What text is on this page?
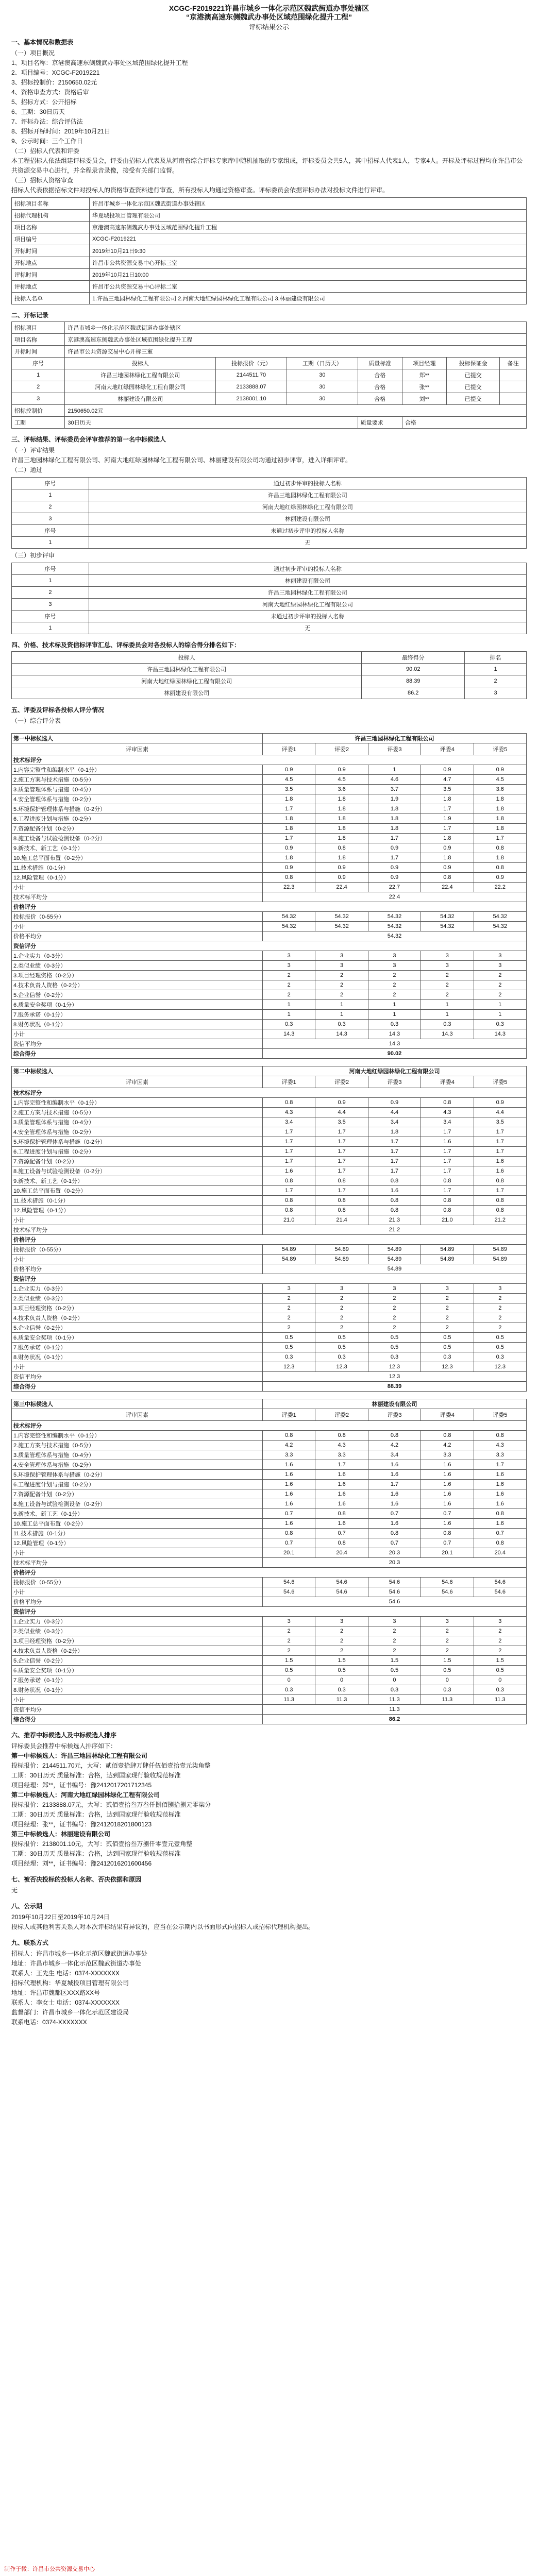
XCGC-F2019221许昌市城乡一体化示范区魏武街道办事处辖区
“京港澳高速东侧魏武办事处区域范围绿化提升工程”
评标结果公示
一、基本情况和数据表
（一）项目概况
1、项目名称：京港澳高速东侧魏武办事处区域范围绿化提升工程
2、项目编号：XCGC-F2019221
3、招标控制价：2150650.02元
4、资格审查方式：资格后审
5、招标方式：公开招标
6、工期：30日历天
7、评标办法：综合评估法
8、招标开标时间：2019年10月21日
9、公示时间：三个工作日
（二）招标人代表和评委

本工程招标人依法组建评标委员会，评委由招标人代表及从河南省综合评标专家库中随机抽取的专家组成，评标委员会共5人，其中招标人代表1人，专家4人。开标及评标过程均在许昌市公共资源交易中心进行，并全程录音录像，接受有关部门监督。

（三）招标人资格审查

招标人代表依据招标文件对投标人的资格审查资料进行审查，所有投标人均通过资格审查。评标委员会依据评标办法对投标文件进行评审。

招标项目名称	许昌市城乡一体化示范区魏武街道办事处辖区
招标代理机构	华夏城投项目管理有限公司
项目名称	京港澳高速东侧魏武办事处区域范围绿化提升工程
项目编号	XCGC-F2019221
开标时间	2019年10月21日9:30
开标地点	许昌市公共资源交易中心开标三室
评标时间	2019年10月21日10:00
评标地点	许昌市公共资源交易中心评标二室
投标人名单	1.许昌三地园林绿化工程有限公司 2.河南大地红绿园林绿化工程有限公司 3.林丽建设有限公司
二、开标记录
招标项目	许昌市城乡一体化示范区魏武街道办事处辖区						
项目名称	京港澳高速东侧魏武办事处区域范围绿化提升工程						
开标时间	许昌市公共资源交易中心开标三室						
序号	投标人	投标报价（元）	工期（日历天）	质量标准	项目经理	投标保证金	备注
1	许昌三地园林绿化工程有限公司	2144511.70	30	合格	郑**	已提交	
2	河南大地红绿园林绿化工程有限公司	2133888.07	30	合格	张**	已提交	
3	林丽建设有限公司	2138001.10	30	合格	刘**	已提交	
招标控制价	2150650.02元						
工期	30日历天			质量要求	合格		
三、评标结果、评标委员会评审推荐的第一名中标候选人
（一）评审结果
许昌三地园林绿化工程有限公司、河南大地红绿园林绿化工程有限公司、林丽建设有限公司均通过初步评审，进入详细评审。
（二）通过
序号	通过初步评审的投标人名称
1	许昌三地园林绿化工程有限公司
2	河南大地红绿园林绿化工程有限公司
3	林丽建设有限公司
序号	未通过初步评审的投标人名称
1	无
（三）初步评审
序号	通过初步评审的投标人名称
1	林丽建设有限公司
2	许昌三地园林绿化工程有限公司
3	河南大地红绿园林绿化工程有限公司
序号	未通过初步评审的投标人名称
1	无
四、价格、技术标及资信标评审汇总、评标委员会对各投标人的综合得分排名如下：
投标人	最终得分	排名
许昌三地园林绿化工程有限公司	90.02	1
河南大地红绿园林绿化工程有限公司	88.39	2
林丽建设有限公司	86.2	3
五、评委及评标各投标人评分情况
（一）综合评分表
第一中标候选人	许昌三地园林绿化工程有限公司				
评审因素	评委1	评委2	评委3	评委4	评委5
技术标评分					
1.内容完整性和编制水平（0-1分）	0.9	0.9	1	0.9	0.9
2.施工方案与技术措施（0-5分）	4.5	4.5	4.6	4.7	4.5
3.质量管理体系与措施（0-4分）	3.5	3.6	3.7	3.5	3.6
4.安全管理体系与措施（0-2分）	1.8	1.8	1.9	1.8	1.8
5.环境保护管理体系与措施（0-2分）	1.7	1.8	1.8	1.7	1.8
6.工程进度计划与措施（0-2分）	1.8	1.8	1.8	1.9	1.8
7.资源配备计划（0-2分）	1.8	1.8	1.8	1.7	1.8
8.施工设备与试验检测设备（0-2分）	1.7	1.8	1.7	1.8	1.7
9.新技术、新工艺（0-1分）	0.9	0.8	0.9	0.9	0.8
10.施工总平面布置（0-2分）	1.8	1.8	1.7	1.8	1.8
11.技术措施（0-1分）	0.9	0.9	0.9	0.9	0.8
12.风险管理（0-1分）	0.8	0.9	0.9	0.8	0.9
小计	22.3	22.4	22.7	22.4	22.2
技术标平均分	22.4				
价格评分					
投标报价（0-55分）	54.32	54.32	54.32	54.32	54.32
小计	54.32	54.32	54.32	54.32	54.32
价格平均分	54.32				
资信评分					
1.企业实力（0-3分）	3	3	3	3	3
2.类似业绩（0-3分）	3	3	3	3	3
3.项目经理资格（0-2分）	2	2	2	2	2
4.技术负责人资格（0-2分）	2	2	2	2	2
5.企业信誉（0-2分）	2	2	2	2	2
6.质量安全奖项（0-1分）	1	1	1	1	1
7.服务承诺（0-1分）	1	1	1	1	1
8.财务状况（0-1分）	0.3	0.3	0.3	0.3	0.3
小计	14.3	14.3	14.3	14.3	14.3
资信平均分	14.3				
综合得分	90.02				
第二中标候选人	河南大地红绿园林绿化工程有限公司				
评审因素	评委1	评委2	评委3	评委4	评委5
技术标评分					
1.内容完整性和编制水平（0-1分）	0.8	0.9	0.9	0.8	0.9
2.施工方案与技术措施（0-5分）	4.3	4.4	4.4	4.3	4.4
3.质量管理体系与措施（0-4分）	3.4	3.5	3.4	3.4	3.5
4.安全管理体系与措施（0-2分）	1.7	1.7	1.8	1.7	1.7
5.环境保护管理体系与措施（0-2分）	1.7	1.7	1.7	1.6	1.7
6.工程进度计划与措施（0-2分）	1.7	1.7	1.7	1.7	1.7
7.资源配备计划（0-2分）	1.7	1.7	1.7	1.7	1.6
8.施工设备与试验检测设备（0-2分）	1.6	1.7	1.7	1.7	1.6
9.新技术、新工艺（0-1分）	0.8	0.8	0.8	0.8	0.8
10.施工总平面布置（0-2分）	1.7	1.7	1.6	1.7	1.7
11.技术措施（0-1分）	0.8	0.8	0.8	0.8	0.8
12.风险管理（0-1分）	0.8	0.8	0.8	0.8	0.8
小计	21.0	21.4	21.3	21.0	21.2
技术标平均分	21.2				
价格评分					
投标报价（0-55分）	54.89	54.89	54.89	54.89	54.89
小计	54.89	54.89	54.89	54.89	54.89
价格平均分	54.89				
资信评分					
1.企业实力（0-3分）	3	3	3	3	3
2.类似业绩（0-3分）	2	2	2	2	2
3.项目经理资格（0-2分）	2	2	2	2	2
4.技术负责人资格（0-2分）	2	2	2	2	2
5.企业信誉（0-2分）	2	2	2	2	2
6.质量安全奖项（0-1分）	0.5	0.5	0.5	0.5	0.5
7.服务承诺（0-1分）	0.5	0.5	0.5	0.5	0.5
8.财务状况（0-1分）	0.3	0.3	0.3	0.3	0.3
小计	12.3	12.3	12.3	12.3	12.3
资信平均分	12.3				
综合得分	88.39				
第三中标候选人	林丽建设有限公司				
评审因素	评委1	评委2	评委3	评委4	评委5
技术标评分					
1.内容完整性和编制水平（0-1分）	0.8	0.8	0.8	0.8	0.8
2.施工方案与技术措施（0-5分）	4.2	4.3	4.2	4.2	4.3
3.质量管理体系与措施（0-4分）	3.3	3.3	3.4	3.3	3.3
4.安全管理体系与措施（0-2分）	1.6	1.7	1.6	1.6	1.7
5.环境保护管理体系与措施（0-2分）	1.6	1.6	1.6	1.6	1.6
6.工程进度计划与措施（0-2分）	1.6	1.6	1.7	1.6	1.6
7.资源配备计划（0-2分）	1.6	1.6	1.6	1.6	1.6
8.施工设备与试验检测设备（0-2分）	1.6	1.6	1.6	1.6	1.6
9.新技术、新工艺（0-1分）	0.7	0.8	0.7	0.7	0.8
10.施工总平面布置（0-2分）	1.6	1.6	1.6	1.6	1.6
11.技术措施（0-1分）	0.8	0.7	0.8	0.8	0.7
12.风险管理（0-1分）	0.7	0.8	0.7	0.7	0.8
小计	20.1	20.4	20.3	20.1	20.4
技术标平均分	20.3				
价格评分					
投标报价（0-55分）	54.6	54.6	54.6	54.6	54.6
小计	54.6	54.6	54.6	54.6	54.6
价格平均分	54.6				
资信评分					
1.企业实力（0-3分）	3	3	3	3	3
2.类似业绩（0-3分）	2	2	2	2	2
3.项目经理资格（0-2分）	2	2	2	2	2
4.技术负责人资格（0-2分）	2	2	2	2	2
5.企业信誉（0-2分）	1.5	1.5	1.5	1.5	1.5
6.质量安全奖项（0-1分）	0.5	0.5	0.5	0.5	0.5
7.服务承诺（0-1分）	0	0	0	0	0
8.财务状况（0-1分）	0.3	0.3	0.3	0.3	0.3
小计	11.3	11.3	11.3	11.3	11.3
资信平均分	11.3				
综合得分	86.2				
六、推荐中标候选人及中标候选人排序
评标委员会推荐中标候选人排序如下：
第一中标候选人：许昌三地园林绿化工程有限公司
投标报价：2144511.70元，大写：贰佰壹拾肆万肆仟伍佰壹拾壹元柒角整
工期：30日历天 质量标准：合格，达到国家现行验收规范标准
项目经理：郑**，证书编号：豫2412017201712345
第二中标候选人：河南大地红绿园林绿化工程有限公司
投标报价：2133888.07元，大写：贰佰壹拾叁万叁仟捌佰捌拾捌元零柒分
工期：30日历天 质量标准：合格，达到国家现行验收规范标准
项目经理：张**，证书编号：豫2412018201800123
第三中标候选人：林丽建设有限公司
投标报价：2138001.10元，大写：贰佰壹拾叁万捌仟零壹元壹角整
工期：30日历天 质量标准：合格，达到国家现行验收规范标准
项目经理：刘**，证书编号：豫2412016201600456
七、被否决投标的投标人名称、否决依据和原因
无
八、公示期
2019年10月22日至2019年10月24日
投标人或其他利害关系人对本次评标结果有异议的，应当在公示期内以书面形式向招标人或招标代理机构提出。
九、联系方式
招标人：许昌市城乡一体化示范区魏武街道办事处
地址：许昌市城乡一体化示范区魏武街道办事处
联系人：王先生 电话：0374-XXXXXXX
招标代理机构：华夏城投项目管理有限公司
地址：许昌市魏都区XXX路XX号
联系人：李女士 电话：0374-XXXXXXX
监督部门：许昌市城乡一体化示范区建设局
联系电话：0374-XXXXXXX
制作于微：许昌市公共资源交易中心
